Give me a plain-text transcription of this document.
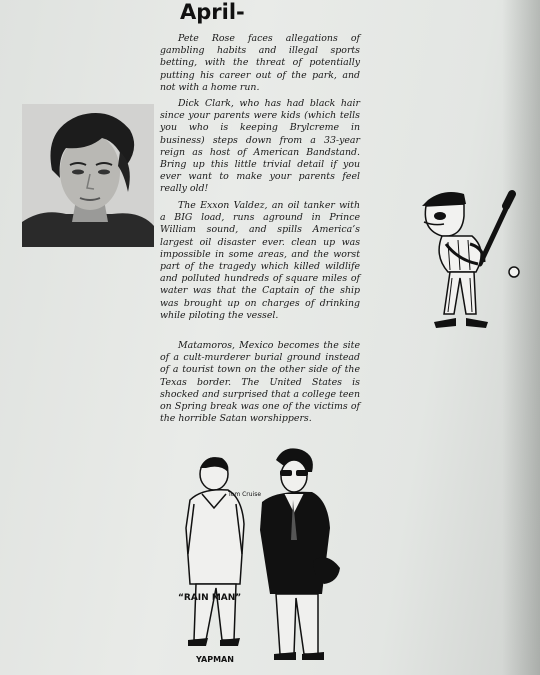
April-

Pete Rose faces allegations of gambling habits and illegal sports betting, with the threat of potentially putting his career out of the park, and not with a home run.

Dick Clark, who has had black hair since your parents were kids (which tells you who is keeping Brylcreme in business) steps down from a 33-year reign as host of American Bandstand. Bring up this little trivial detail if you ever want to make your parents feel really old!

The Exxon Valdez, an oil tanker with a BIG load, runs aground in Prince William sound, and spills America’s largest oil disaster ever. clean up was impossible in some areas, and the worst part of the tragedy which killed wildlife and polluted hundreds of square miles of water was that the Captain of the ship was brought up on charges of drinking while piloting the vessel.

Matamoros, Mexico becomes the site of a cult-murderer burial ground instead of a tourist town on the other side of the Texas border. The United States is shocked and surprised that a college teen on Spring break was one of the victims of the horrible Satan worshippers.

“RAIN MAN”
Tom Cruise
YAPMAN
